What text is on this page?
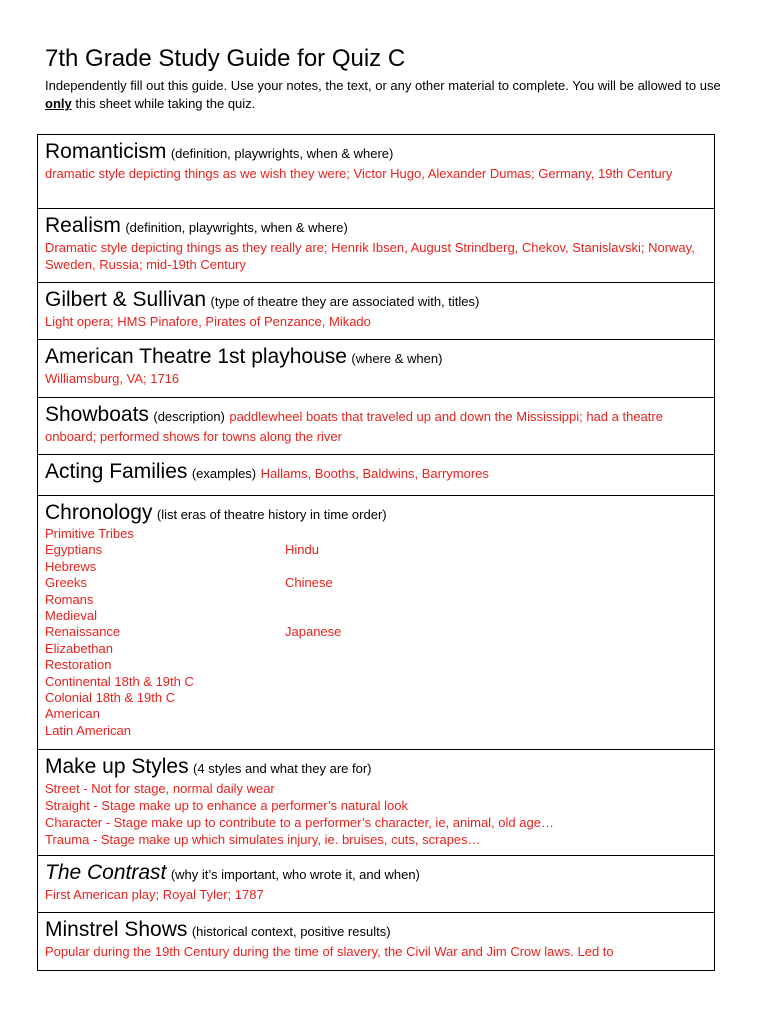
7th Grade Study Guide for Quiz C
Independently fill out this guide. Use your notes, the text, or any other material to complete. You will be allowed to use only this sheet while taking the quiz.
Romanticism (definition, playwrights, when & where)
dramatic style depicting things as we wish they were; Victor Hugo, Alexander Dumas; Germany, 19th Century
Realism (definition, playwrights, when & where)
Dramatic style depicting things as they really are; Henrik Ibsen, August Strindberg, Chekov, Stanislavski; Norway, Sweden, Russia; mid-19th Century
Gilbert & Sullivan (type of theatre they are associated with, titles)
Light opera; HMS Pinafore, Pirates of Penzance, Mikado
American Theatre 1st playhouse (where & when)
Williamsburg, VA; 1716
Showboats (description) paddlewheel boats that traveled up and down the Mississippi; had a theatre onboard; performed shows for towns along the river
Acting Families (examples) Hallams, Booths, Baldwins, Barrymores
Chronology (list eras of theatre history in time order)
Primitive Tribes
Egyptians
Hebrews
Greeks
Romans
Medieval
Renaissance
Elizabethan
Restoration
Continental 18th & 19th C
Colonial 18th & 19th C
American
Latin American
Hindu
Chinese
Japanese
Make up Styles (4 styles and what they are for)
Street - Not for stage, normal daily wear
Straight - Stage make up to enhance a performer’s natural look
Character - Stage make up to contribute to a performer’s character, ie, animal, old age…
Trauma - Stage make up which simulates injury, ie. bruises, cuts, scrapes…
The Contrast (why it’s important, who wrote it, and when)
First American play; Royal Tyler; 1787
Minstrel Shows (historical context, positive results)
Popular during the 19th Century during the time of slavery, the Civil War and Jim Crow laws. Led to
